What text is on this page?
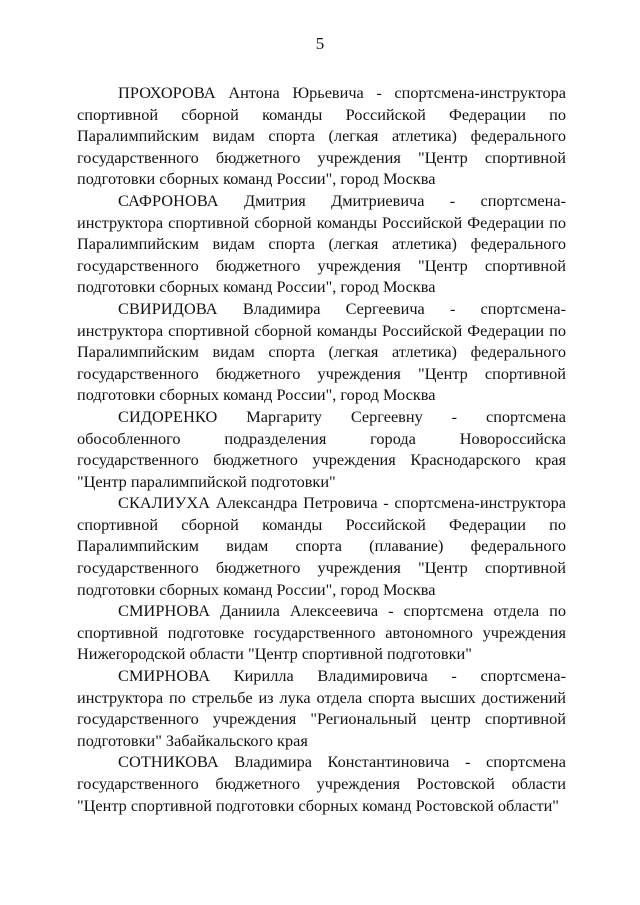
5

ПРОХОРОВА Антона Юрьевича - спортсмена-инструктора спортивной сборной команды Российской Федерации по Паралимпийским видам спорта (легкая атлетика) федерального государственного бюджетного учреждения "Центр спортивной подготовки сборных команд России", город Москва

САФРОНОВА Дмитрия Дмитриевича - спортсмена-инструктора спортивной сборной команды Российской Федерации по Паралимпийским видам спорта (легкая атлетика) федерального государственного бюджетного учреждения "Центр спортивной подготовки сборных команд России", город Москва

СВИРИДОВА Владимира Сергеевича - спортсмена-инструктора спортивной сборной команды Российской Федерации по Паралимпийским видам спорта (легкая атлетика) федерального государственного бюджетного учреждения "Центр спортивной подготовки сборных команд России", город Москва

СИДОРЕНКО Маргариту Сергеевну - спортсмена обособленного подразделения города Новороссийска государственного бюджетного учреждения Краснодарского края "Центр паралимпийской подготовки"

СКАЛИУХА Александра Петровича - спортсмена-инструктора спортивной сборной команды Российской Федерации по Паралимпийским видам спорта (плавание) федерального государственного бюджетного учреждения "Центр спортивной подготовки сборных команд России", город Москва

СМИРНОВА Даниила Алексеевича - спортсмена отдела по спортивной подготовке государственного автономного учреждения Нижегородской области "Центр спортивной подготовки"

СМИРНОВА Кирилла Владимировича - спортсмена-инструктора по стрельбе из лука отдела спорта высших достижений государственного учреждения "Региональный центр спортивной подготовки" Забайкальского края

СОТНИКОВА Владимира Константиновича - спортсмена государственного бюджетного учреждения Ростовской области "Центр спортивной подготовки сборных команд Ростовской области"
